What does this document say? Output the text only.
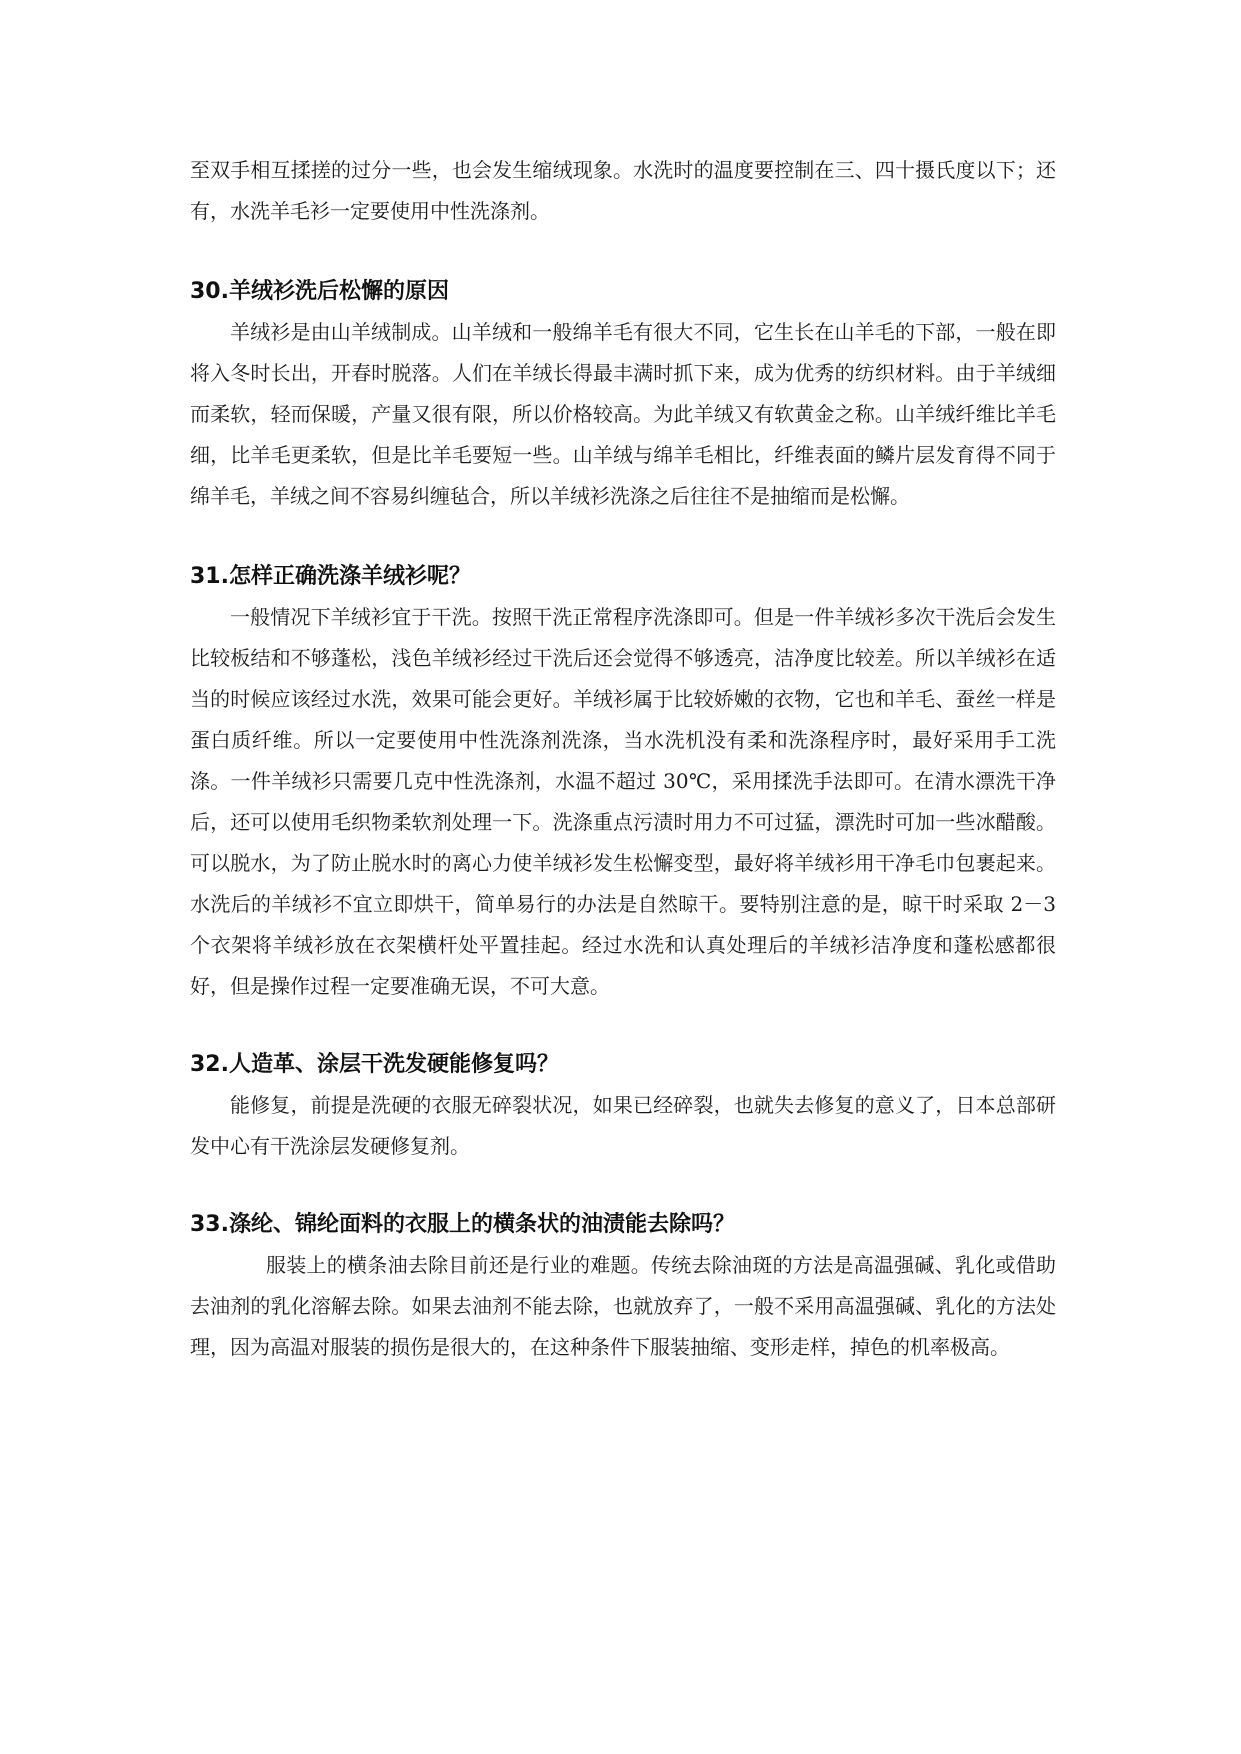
至双手相互揉搓的过分一些，也会发生缩绒现象。水洗时的温度要控制在三、四十摄氏度以下；还有，水洗羊毛衫一定要使用中性洗涤剂。

30.羊绒衫洗后松懈的原因

羊绒衫是由山羊绒制成。山羊绒和一般绵羊毛有很大不同，它生长在山羊毛的下部，一般在即将入冬时长出，开春时脱落。人们在羊绒长得最丰满时抓下来，成为优秀的纺织材料。由于羊绒细而柔软，轻而保暖，产量又很有限，所以价格较高。为此羊绒又有软黄金之称。山羊绒纤维比羊毛细，比羊毛更柔软，但是比羊毛要短一些。山羊绒与绵羊毛相比，纤维表面的鳞片层发育得不同于绵羊毛，羊绒之间不容易纠缠毡合，所以羊绒衫洗涤之后往往不是抽缩而是松懈。

31.怎样正确洗涤羊绒衫呢？

一般情况下羊绒衫宜于干洗。按照干洗正常程序洗涤即可。但是一件羊绒衫多次干洗后会发生比较板结和不够蓬松，浅色羊绒衫经过干洗后还会觉得不够透亮，洁净度比较差。所以羊绒衫在适当的时候应该经过水洗，效果可能会更好。羊绒衫属于比较娇嫩的衣物，它也和羊毛、蚕丝一样是蛋白质纤维。所以一定要使用中性洗涤剂洗涤，当水洗机没有柔和洗涤程序时，最好采用手工洗涤。一件羊绒衫只需要几克中性洗涤剂，水温不超过 30℃，采用揉洗手法即可。在清水漂洗干净后，还可以使用毛织物柔软剂处理一下。洗涤重点污渍时用力不可过猛，漂洗时可加一些冰醋酸。可以脱水，为了防止脱水时的离心力使羊绒衫发生松懈变型，最好将羊绒衫用干净毛巾包裹起来。水洗后的羊绒衫不宜立即烘干，简单易行的办法是自然晾干。要特别注意的是，晾干时采取 2－3 个衣架将羊绒衫放在衣架横杆处平置挂起。经过水洗和认真处理后的羊绒衫洁净度和蓬松感都很好，但是操作过程一定要准确无误，不可大意。

32.人造革、涂层干洗发硬能修复吗？

能修复，前提是洗硬的衣服无碎裂状况，如果已经碎裂，也就失去修复的意义了，日本总部研发中心有干洗涂层发硬修复剂。

33.涤纶、锦纶面料的衣服上的横条状的油渍能去除吗？

服装上的横条油去除目前还是行业的难题。传统去除油斑的方法是高温强碱、乳化或借助去油剂的乳化溶解去除。如果去油剂不能去除，也就放弃了，一般不采用高温强碱、乳化的方法处理，因为高温对服装的损伤是很大的，在这种条件下服装抽缩、变形走样，掉色的机率极高。
